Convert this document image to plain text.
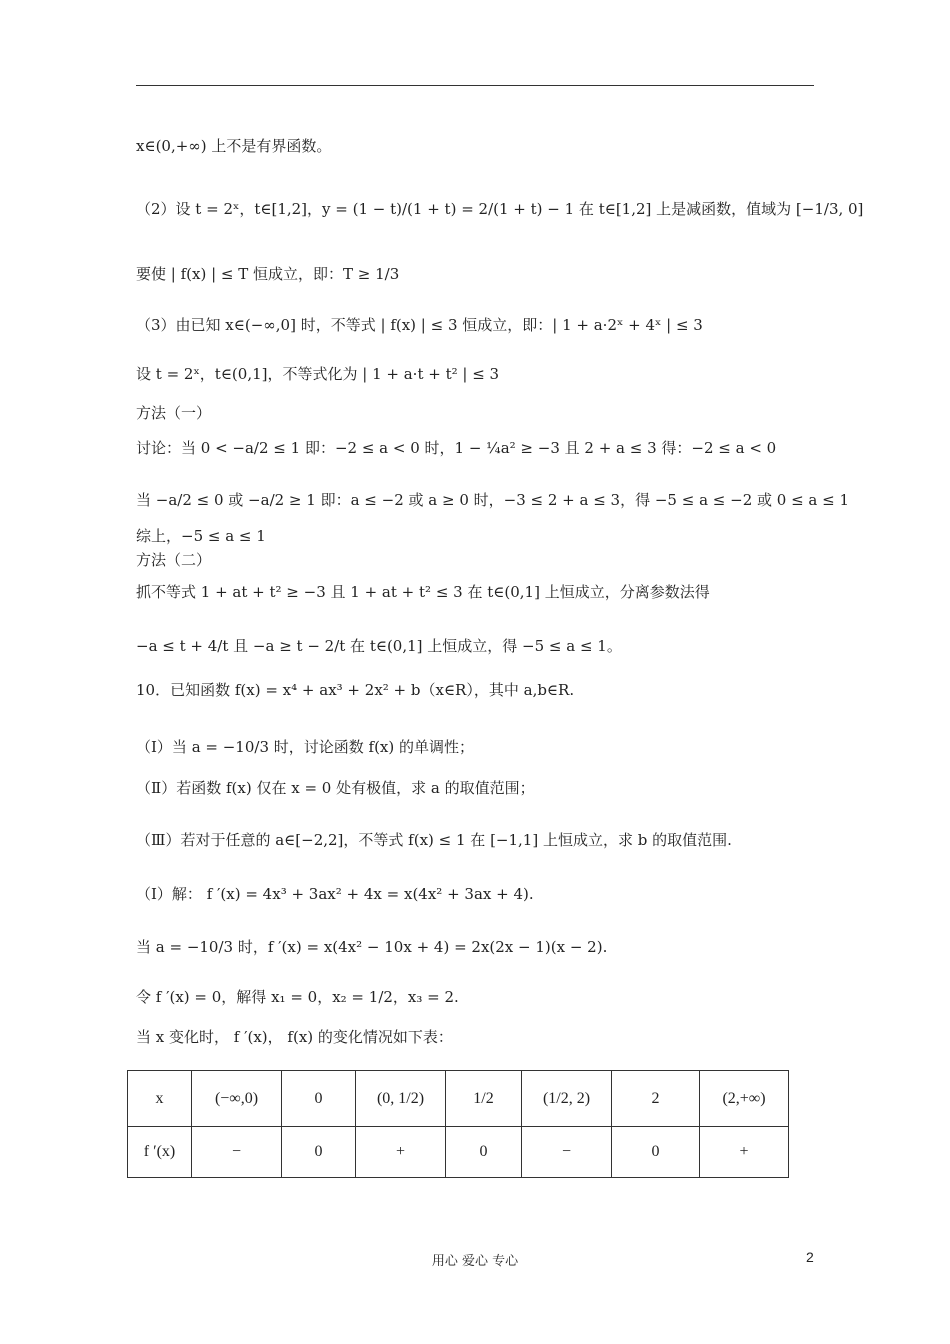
x∈(0,+∞) 上不是有界函数。
（2）设 t = 2ˣ，t∈[1,2]，y = (1 − t)/(1 + t) = 2/(1 + t) − 1 在 t∈[1,2] 上是减函数，值域为 [−1/3, 0]
要使 | f(x) | ≤ T 恒成立，即：T ≥ 1/3
（3）由已知 x∈(−∞,0] 时，不等式 | f(x) | ≤ 3 恒成立，即：| 1 + a·2ˣ + 4ˣ | ≤ 3
设 t = 2ˣ，t∈(0,1]，不等式化为 | 1 + a·t + t² | ≤ 3
方法（一）
讨论：当 0 < −a/2 ≤ 1 即：−2 ≤ a < 0 时，1 − ¼a² ≥ −3 且 2 + a ≤ 3 得：−2 ≤ a < 0
当 −a/2 ≤ 0 或 −a/2 ≥ 1 即：a ≤ −2 或 a ≥ 0 时，−3 ≤ 2 + a ≤ 3，得 −5 ≤ a ≤ −2 或 0 ≤ a ≤ 1
综上，−5 ≤ a ≤ 1
方法（二）
抓不等式 1 + at + t² ≥ −3 且 1 + at + t² ≤ 3 在 t∈(0,1] 上恒成立，分离参数法得
−a ≤ t + 4/t 且 −a ≥ t − 2/t 在 t∈(0,1] 上恒成立，得 −5 ≤ a ≤ 1。
10．已知函数 f(x) = x⁴ + ax³ + 2x² + b（x∈R），其中 a,b∈R.
（Ⅰ）当 a = −10/3 时，讨论函数 f(x) 的单调性；
（Ⅱ）若函数 f(x) 仅在 x = 0 处有极值，求 a 的取值范围；
（Ⅲ）若对于任意的 a∈[−2,2]，不等式 f(x) ≤ 1 在 [−1,1] 上恒成立，求 b 的取值范围.
（Ⅰ）解： f ′(x) = 4x³ + 3ax² + 4x = x(4x² + 3ax + 4).
当 a = −10/3 时，f ′(x) = x(4x² − 10x + 4) = 2x(2x − 1)(x − 2).
令 f ′(x) = 0，解得 x₁ = 0，x₂ = 1/2，x₃ = 2.
当 x 变化时， f ′(x)， f(x) 的变化情况如下表：
x	(−∞,0)	0	(0, 1/2)	1/2	(1/2, 2)	2	(2,+∞)
f ′(x)	−	0	+	0	−	0	+
用心 爱心 专心	2
